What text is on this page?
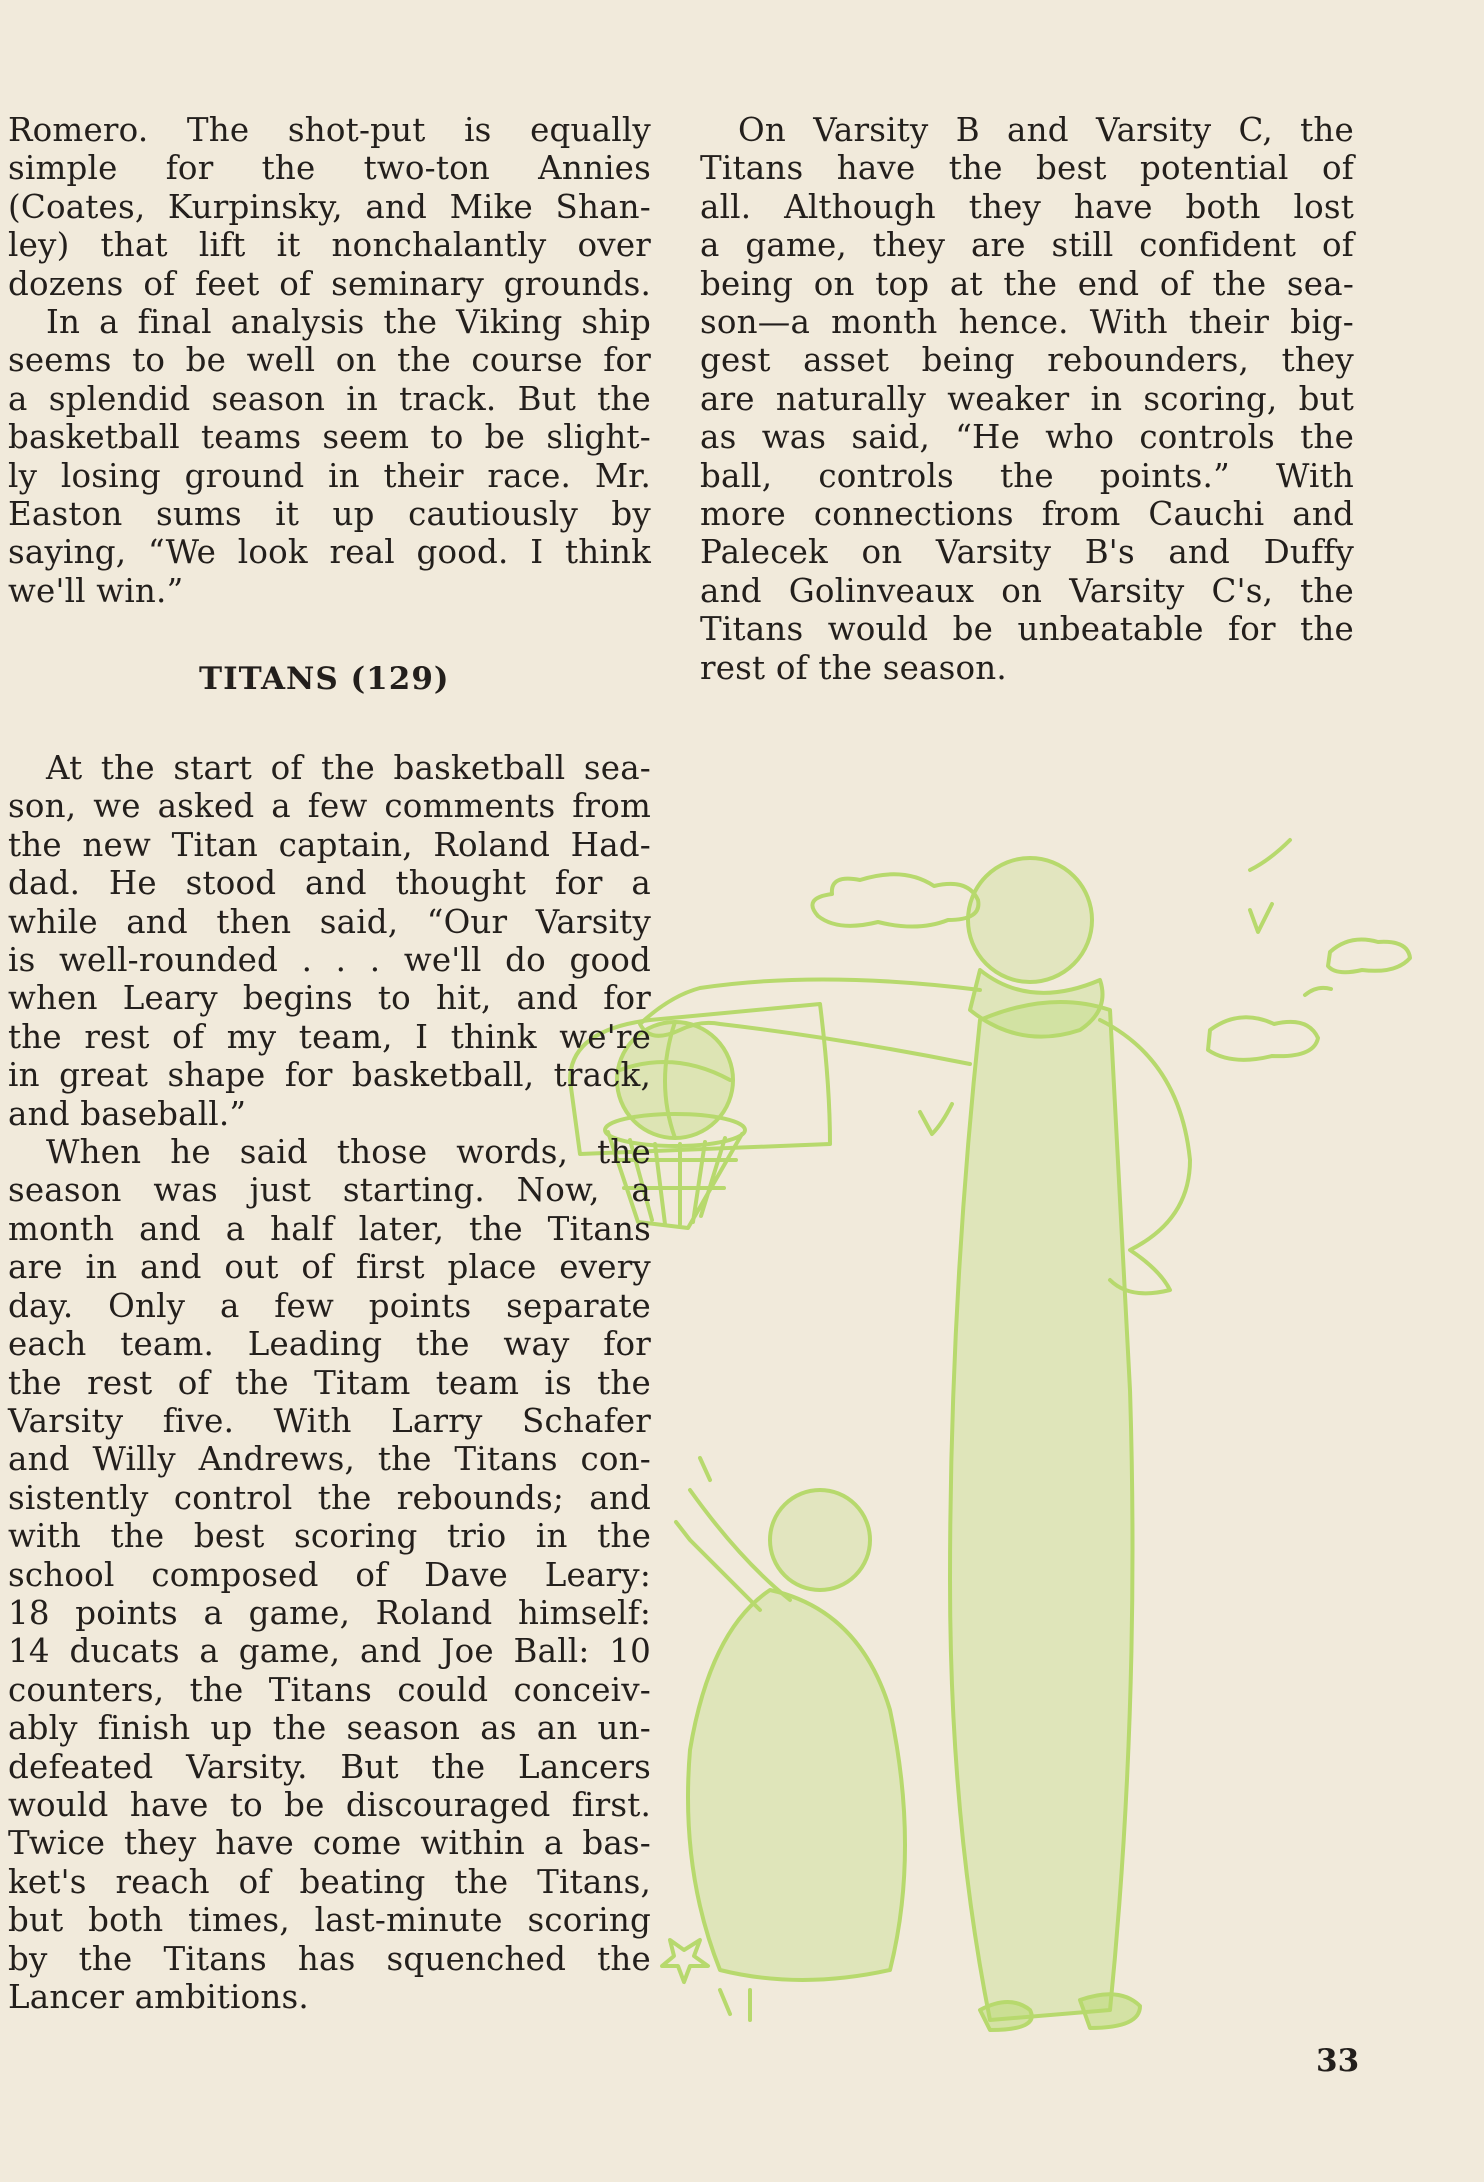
Romero. The shot-put is equally

simple for the two-ton Annies

(Coates, Kurpinsky, and Mike Shan-

ley) that lift it nonchalantly over

dozens of feet of seminary grounds.

In a final analysis the Viking ship

seems to be well on the course for

a splendid season in track. But the

basketball teams seem to be slight-

ly losing ground in their race. Mr.

Easton sums it up cautiously by

saying, “We look real good. I think

we'll win.”

TITANS (129)

At the start of the basketball sea-

son, we asked a few comments from

the new Titan captain, Roland Had-

dad. He stood and thought for a

while and then said, “Our Varsity

is well-rounded . . . we'll do good

when Leary begins to hit, and for

the rest of my team, I think we're

in great shape for basketball, track,

and baseball.”

When he said those words, the

season was just starting. Now, a

month and a half later, the Titans

are in and out of first place every

day. Only a few points separate

each team. Leading the way for

the rest of the Titam team is the

Varsity five. With Larry Schafer

and Willy Andrews, the Titans con-

sistently control the rebounds; and

with the best scoring trio in the

school composed of Dave Leary:

18 points a game, Roland himself:

14 ducats a game, and Joe Ball: 10

counters, the Titans could conceiv-

ably finish up the season as an un-

defeated Varsity. But the Lancers

would have to be discouraged first.

Twice they have come within a bas-

ket's reach of beating the Titans,

but both times, last-minute scoring

by the Titans has squenched the

Lancer ambitions.

On Varsity B and Varsity C, the

Titans have the best potential of

all. Although they have both lost

a game, they are still confident of

being on top at the end of the sea-

son—a month hence. With their big-

gest asset being rebounders, they

are naturally weaker in scoring, but

as was said, “He who controls the

ball, controls the points.” With

more connections from Cauchi and

Palecek on Varsity B's and Duffy

and Golinveaux on Varsity C's, the

Titans would be unbeatable for the

rest of the season.

33
